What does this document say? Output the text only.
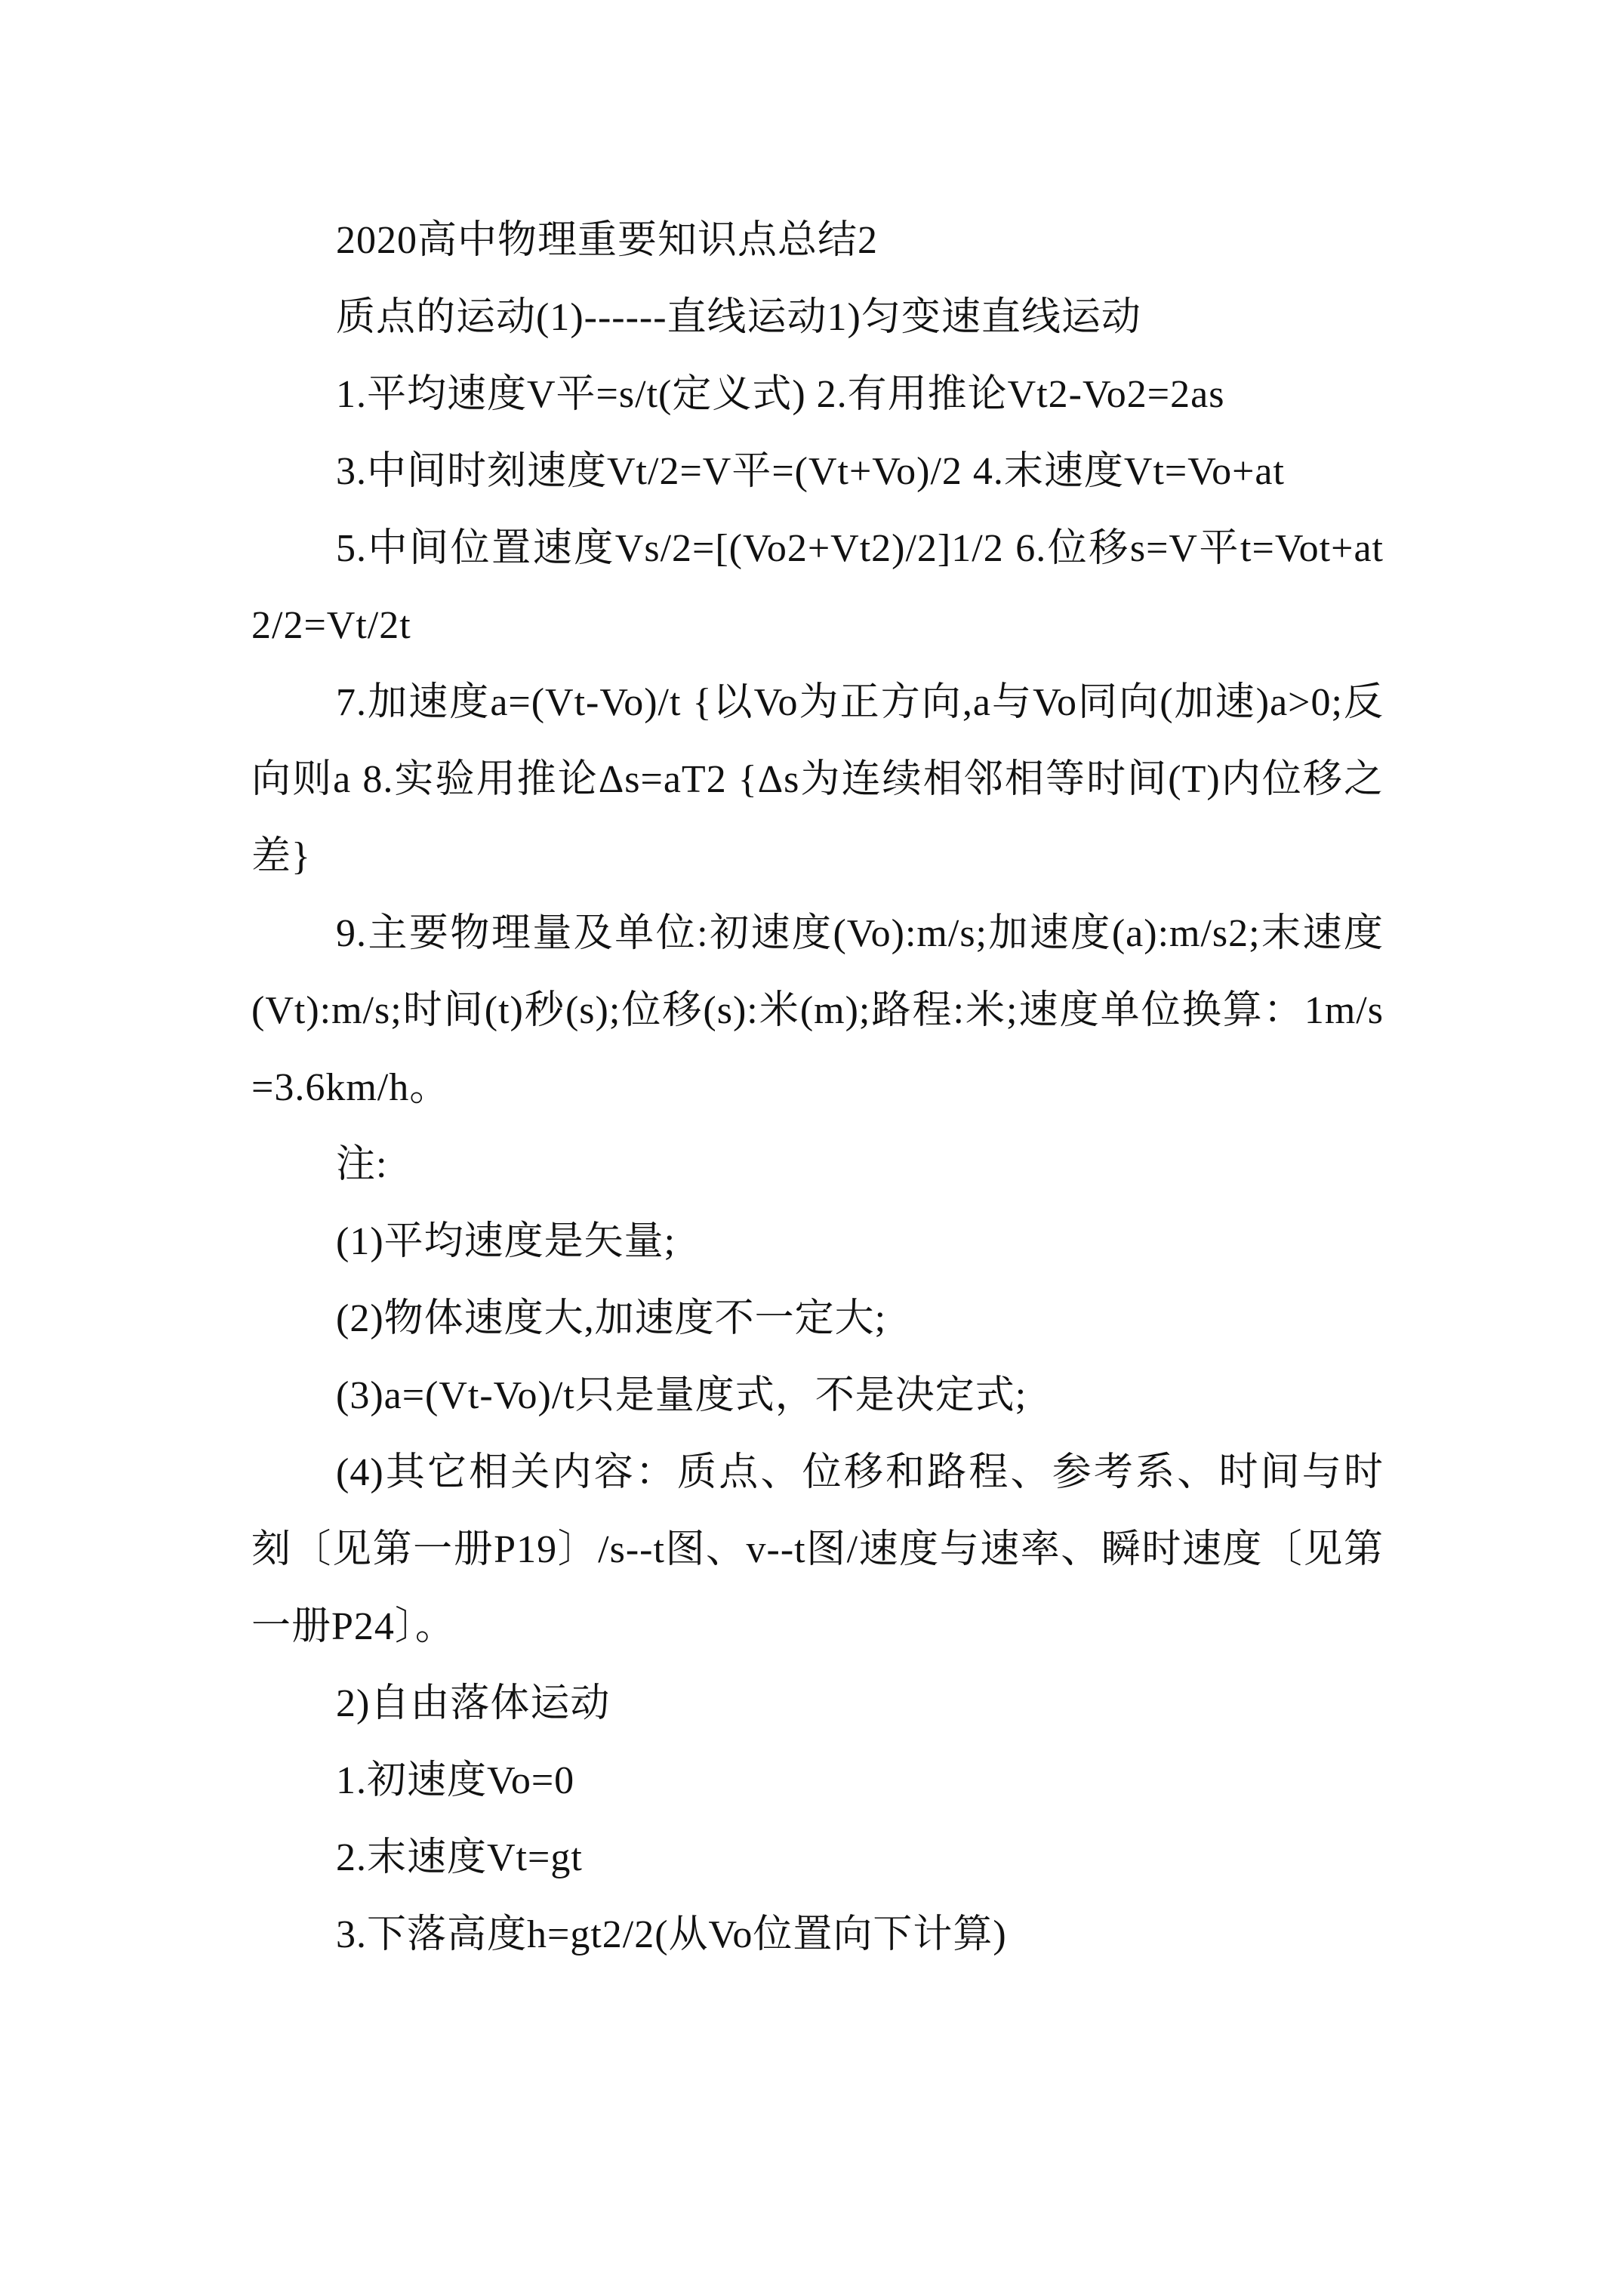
2020高中物理重要知识点总结2

质点的运动(1)------直线运动1)匀变速直线运动

1.平均速度V平=s/t(定义式) 2.有用推论Vt2-Vo2=2as

3.中间时刻速度Vt/2=V平=(Vt+Vo)/2 4.末速度Vt=Vo+at

5.中间位置速度Vs/2=[(Vo2+Vt2)/2]1/2 6.位移s=V平t=Vot+at2/2=Vt/2t

7.加速度a=(Vt-Vo)/t {以Vo为正方向,a与Vo同向(加速)a>0;反向则a 8.实验用推论Δs=aT2 {Δs为连续相邻相等时间(T)内位移之差}

9.主要物理量及单位:初速度(Vo):m/s;加速度(a):m/s2;末速度(Vt):m/s;时间(t)秒(s);位移(s):米(m);路程:米;速度单位换算：1m/s=3.6km/h。

注:

(1)平均速度是矢量;

(2)物体速度大,加速度不一定大;

(3)a=(Vt-Vo)/t只是量度式，不是决定式;

(4)其它相关内容：质点、位移和路程、参考系、时间与时刻〔见第一册P19〕/s--t图、v--t图/速度与速率、瞬时速度〔见第一册P24〕。

2)自由落体运动

1.初速度Vo=0

2.末速度Vt=gt

3.下落高度h=gt2/2(从Vo位置向下计算)
